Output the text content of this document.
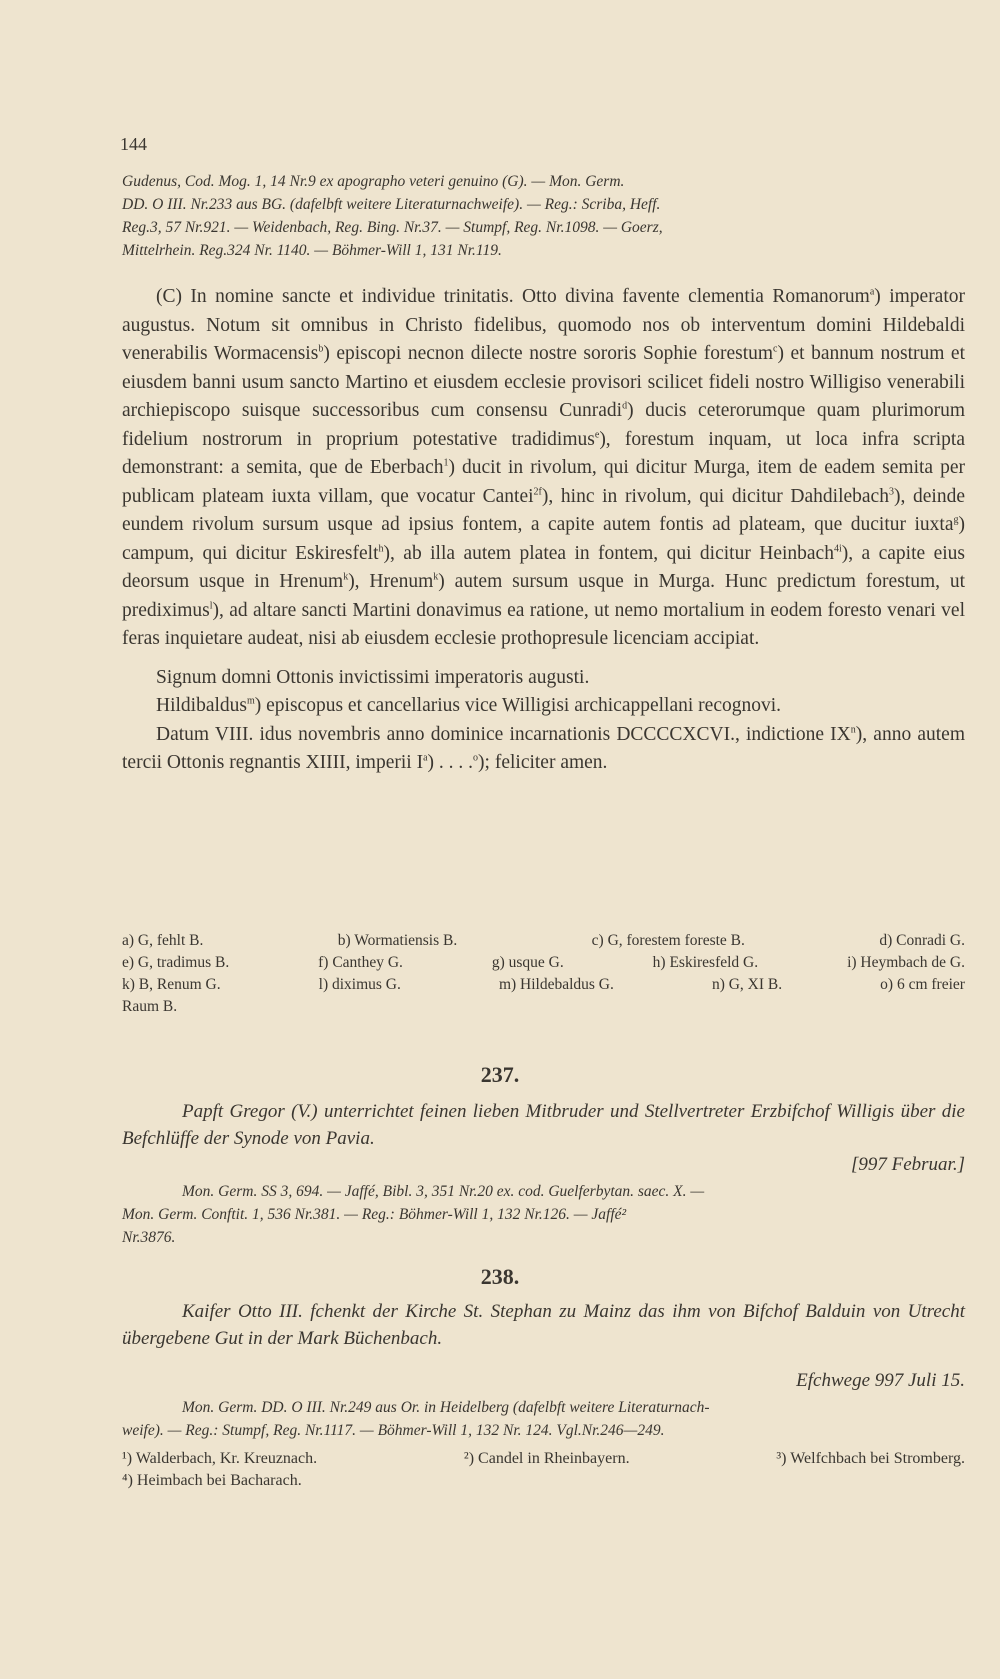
144

Gudenus, Cod. Mog. 1, 14 Nr.9 ex apographo veteri genuino (G). — Mon. Germ.

DD. O III. Nr.233 aus BG. (dafelbft weitere Literaturnachweife). — Reg.: Scriba, Heff.

Reg.3, 57 Nr.921. — Weidenbach, Reg. Bing. Nr.37. — Stumpf, Reg. Nr.1098. — Goerz,

Mittelrhein. Reg.324 Nr. 1140. — Böhmer-Will 1, 131 Nr.119.

(C) In nomine sancte et individue trinitatis. Otto divina favente clementia Romanorum$^a$) imperator augustus. Notum sit omnibus in Christo fidelibus, quomodo nos ob interventum domini Hildebaldi venerabilis Wormacensis$^b$) episcopi necnon dilecte nostre sororis Sophie forestum$^c$) et bannum nostrum et eiusdem banni usum sancto Martino et eiusdem ecclesie provisori scilicet fideli nostro Willigiso venerabili archiepiscopo suisque successoribus cum consensu Cunradi$^d$) ducis ceterorumque quam plurimorum fidelium nostrorum in proprium potestative tradidimus$^e$), forestum inquam, ut loca infra scripta demonstrant: a semita, que de Eberbach$^1$) ducit in rivolum, qui dicitur Murga, item de eadem semita per publicam plateam iuxta villam, que vocatur Cantei$^{2f}$), hinc in rivolum, qui dicitur Dahdilebach$^3$), deinde eundem rivolum sursum usque ad ipsius fontem, a capite autem fontis ad plateam, que ducitur iuxta$^g$) campum, qui dicitur Eskiresfelt$^h$), ab illa autem platea in fontem, qui dicitur Heinbach$^{4i}$), a capite eius deorsum usque in Hrenum$^k$), Hrenum$^k$) autem sursum usque in Murga. Hunc predictum forestum, ut prediximus$^l$), ad altare sancti Martini donavimus ea ratione, ut nemo mortalium in eodem foresto venari vel feras inquietare audeat, nisi ab eiusdem ecclesie prothopresule licenciam accipiat.

Signum domni Ottonis invictissimi imperatoris augusti.

Hildibaldus$^m$) episcopus et cancellarius vice Willigisi archicappellani recognovi.

Datum VIII. idus novembris anno dominice incarnationis DCCCCXCVI., indictione $IX^n$), anno autem tercii Ottonis regnantis XIIII, imperii $I^a$) . . . .$^o$); feliciter amen.

a) G, fehlt B.	b) Wormatiensis B.	c) G, forestem foreste B.	d) Conradi G.
e) G, tradimus B.	f) Canthey G.	g) usque G.	h) Eskiresfeld G.	i) Heymbach de G.
k) B, Renum G.	l) diximus G.	m) Hildebaldus G.	n) G, XI B.	o) 6 cm freier
Raum B.
237.

Papft Gregor (V.) unterrichtet feinen lieben Mitbruder und Stellvertreter Erzbifchof Willigis über die Befchlüffe der Synode von Pavia.

[997 Februar.]

Mon. Germ. SS 3, 694. — Jaffé, Bibl. 3, 351 Nr.20 ex. cod. Guelferbytan. saec. X. —

Mon. Germ. Conftit. 1, 536 Nr.381. — Reg.: Böhmer-Will 1, 132 Nr.126. — Jaffé²

Nr.3876.

238.

Kaifer Otto III. fchenkt der Kirche St. Stephan zu Mainz das ihm von Bifchof Balduin von Utrecht übergebene Gut in der Mark Büchenbach.

Efchwege 997 Juli 15.

Mon. Germ. DD. O III. Nr.249 aus Or. in Heidelberg (dafelbft weitere Literaturnach-

weife). — Reg.: Stumpf, Reg. Nr.1117. — Böhmer-Will 1, 132 Nr. 124. Vgl.Nr.246—249.

¹) Walderbach, Kr. Kreuznach.	²) Candel in Rheinbayern.	³) Welfchbach bei Stromberg.
⁴) Heimbach bei Bacharach.
